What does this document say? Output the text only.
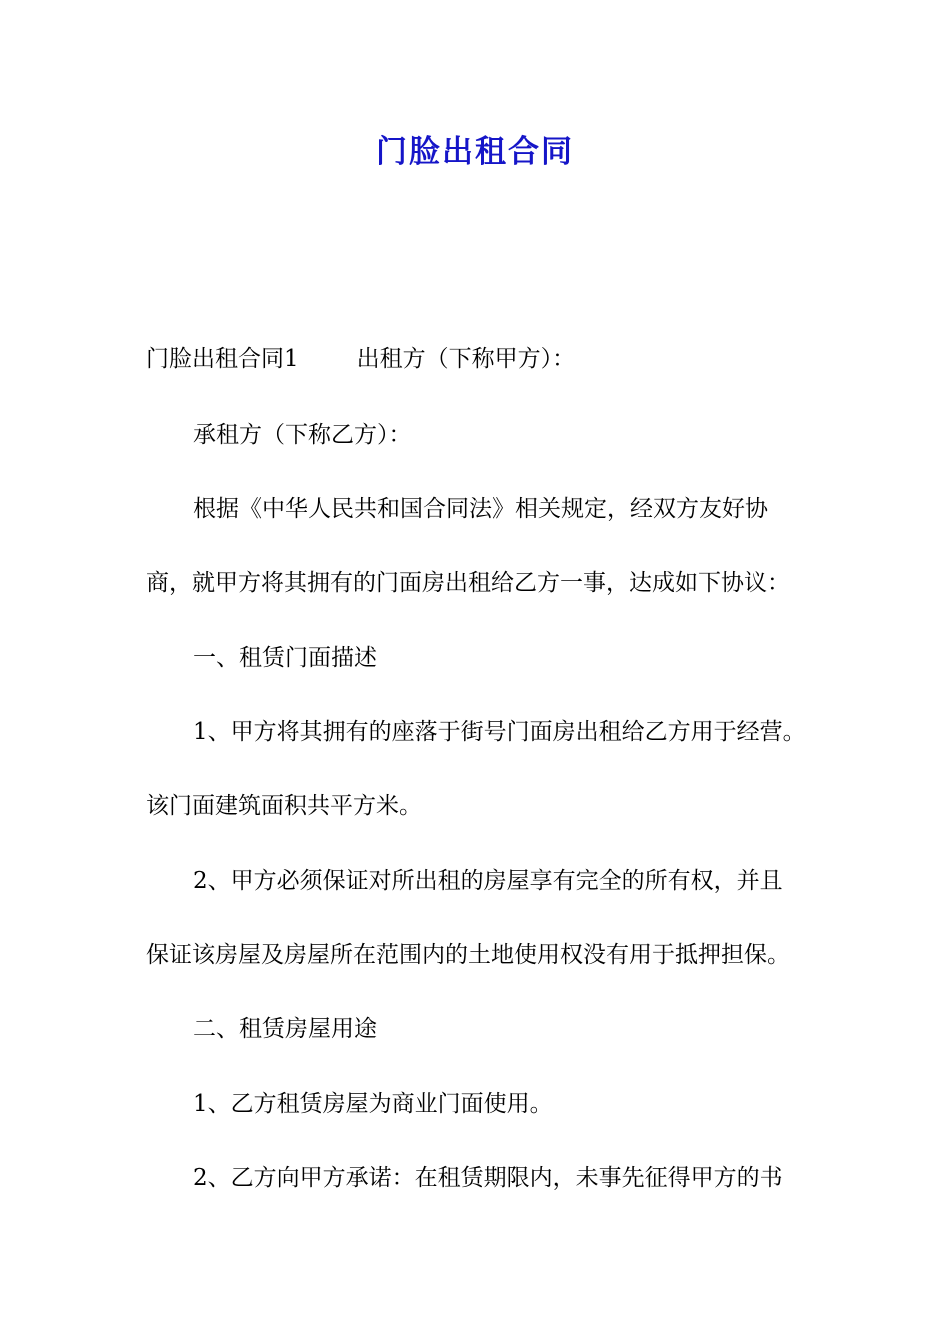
门脸出租合同

门脸出租合同1	出租方（下称甲方）：

承租方（下称乙方）：

根据《中华人民共和国合同法》相关规定，经双方友好协

商，就甲方将其拥有的门面房出租给乙方一事，达成如下协议：

一、租赁门面描述

1、甲方将其拥有的座落于街号门面房出租给乙方用于经营。

该门面建筑面积共平方米。

2、甲方必须保证对所出租的房屋享有完全的所有权，并且

保证该房屋及房屋所在范围内的土地使用权没有用于抵押担保。

二、租赁房屋用途

1、乙方租赁房屋为商业门面使用。

2、乙方向甲方承诺：在租赁期限内，未事先征得甲方的书
